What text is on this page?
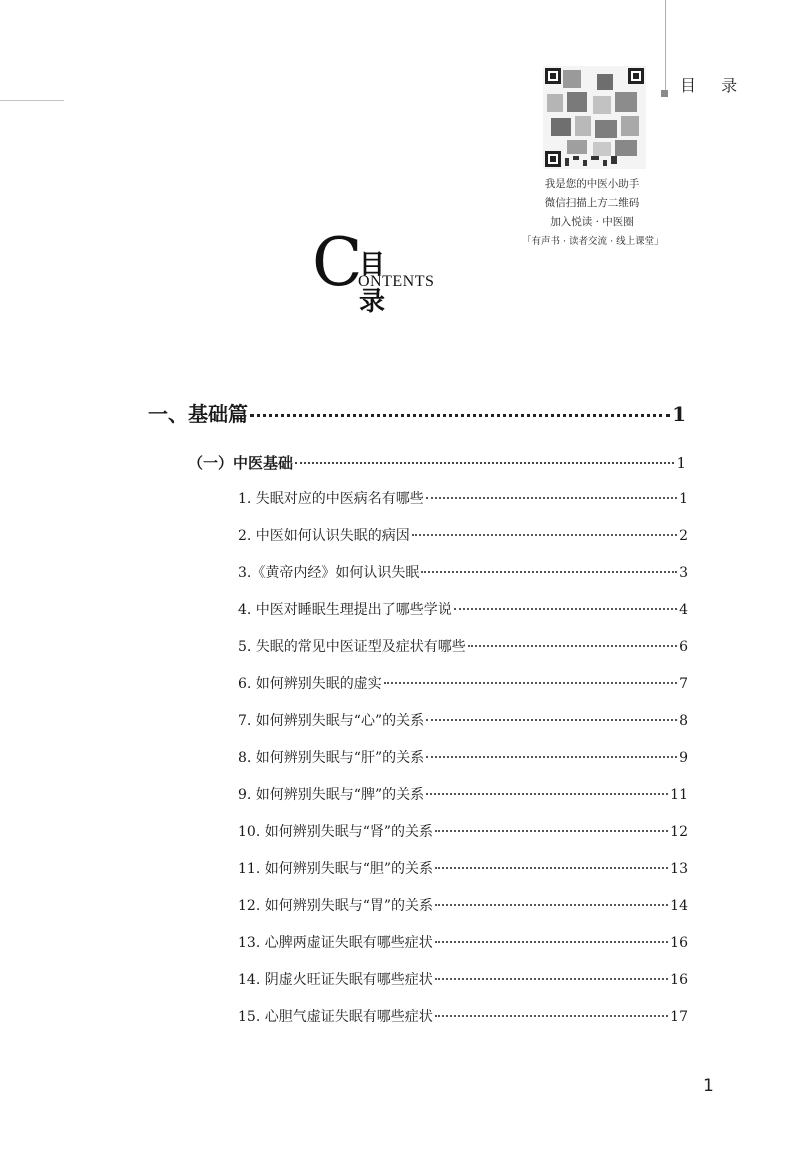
目 录
我是您的中医小助手
微信扫描上方二维码
加入悦读 · 中医圈
「有声书 · 读者交流 · 线上课堂」
C
目 录
ONTENTS
一、基础篇	1
（一）中医基础	1
1. 失眠对应的中医病名有哪些	1
2. 中医如何认识失眠的病因	2
3.《黄帝内经》如何认识失眠	3
4. 中医对睡眠生理提出了哪些学说	4
5. 失眠的常见中医证型及症状有哪些	6
6. 如何辨别失眠的虚实	7
7. 如何辨别失眠与“心”的关系	8
8. 如何辨别失眠与“肝”的关系	9
9. 如何辨别失眠与“脾”的关系	11
10. 如何辨别失眠与“肾”的关系	12
11. 如何辨别失眠与“胆”的关系	13
12. 如何辨别失眠与“胃”的关系	14
13. 心脾两虚证失眠有哪些症状	16
14. 阴虚火旺证失眠有哪些症状	16
15. 心胆气虚证失眠有哪些症状	17
1
